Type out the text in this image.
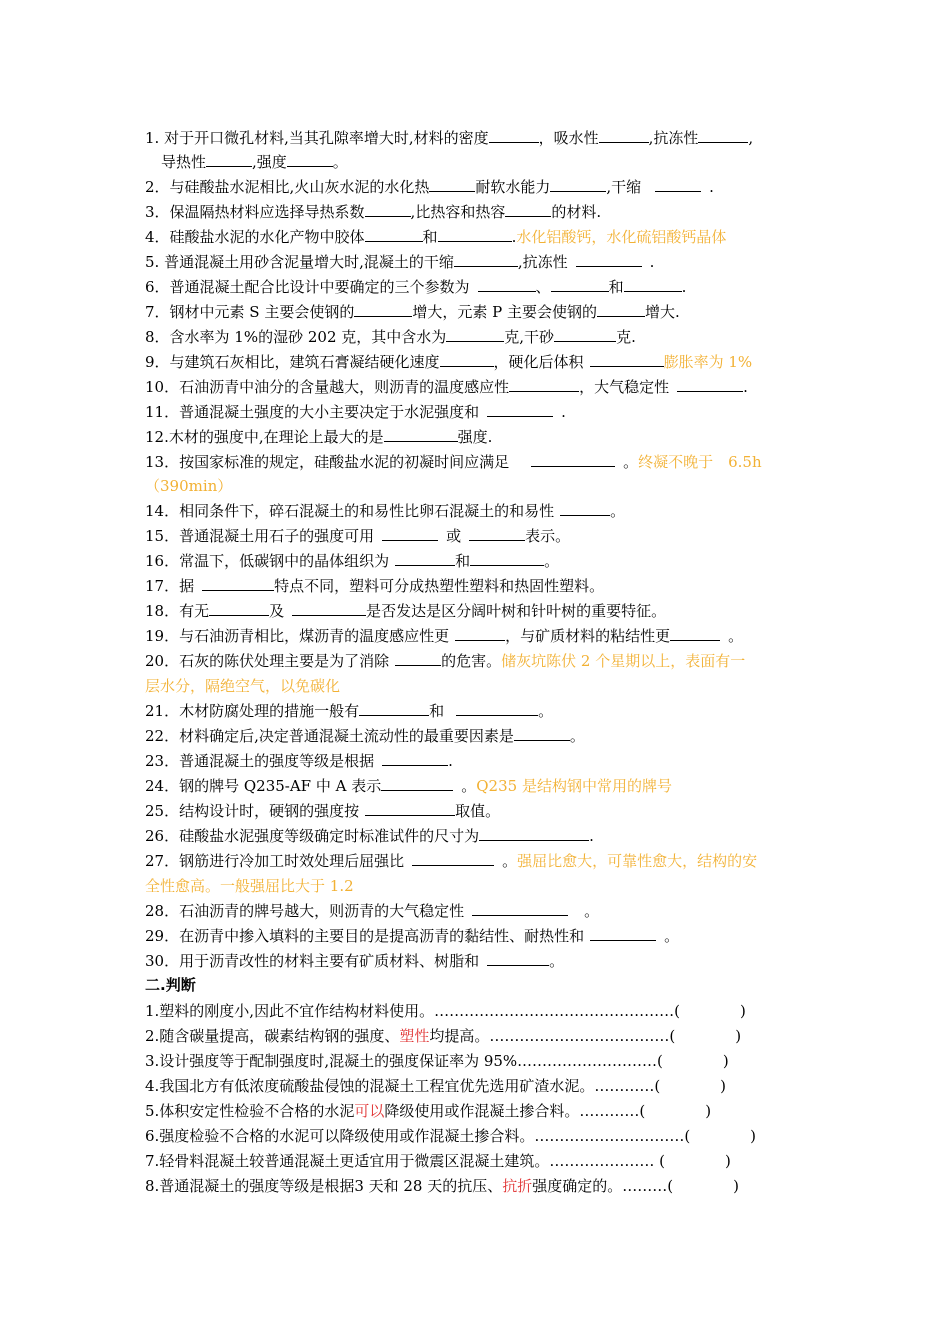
1. 对于开口微孔材料,当其孔隙率增大时,材料的密度	，吸水性	,抗冻性	,
导热性	,强度	。
2．与硅酸盐水泥相比,火山灰水泥的水化热	耐软水能力	,干缩	.
3．保温隔热材料应选择导热系数	,比热容和热容	的材料.
4．硅酸盐水泥的水化产物中胶体	和	.水化铝酸钙，水化硫铝酸钙晶体
5. 普通混凝土用砂含泥量增大时,混凝土的干缩	,抗冻性	.
6．普通混凝土配合比设计中要确定的三个参数为	、	和	.
7．钢材中元素 S 主要会使钢的	增大，元素 P 主要会使钢的	增大.
8．含水率为 1%的湿砂 202 克，其中含水为	克,干砂	克.
9．与建筑石灰相比，建筑石膏凝结硬化速度	，硬化后体积	膨胀率为 1%
10．石油沥青中油分的含量越大，则沥青的温度感应性	，大气稳定性	.
11．普通混凝土强度的大小主要决定于水泥强度和	.
12.木材的强度中,在理论上最大的是	强度.
13．按国家标准的规定，硅酸盐水泥的初凝时间应满足	。终凝不晚于　6.5h
（390min）
14．相同条件下，碎石混凝土的和易性比卵石混凝土的和易性	。
15．普通混凝土用石子的强度可用	或	表示。
16．常温下，低碳钢中的晶体组织为	和	。
17．据	特点不同，塑料可分成热塑性塑料和热固性塑料。
18．有无	及	是否发达是区分阔叶树和针叶树的重要特征。
19．与石油沥青相比，煤沥青的温度感应性更	，与矿质材料的粘结性更	。
20．石灰的陈伏处理主要是为了消除	的危害。储灰坑陈伏 2 个星期以上，表面有一
层水分，隔绝空气，以免碳化
21．木材防腐处理的措施一般有	和	。
22．材料确定后,决定普通混凝土流动性的最重要因素是	。
23．普通混凝土的强度等级是根据	.
24．钢的牌号 Q235-AF 中 A 表示	。Q235 是结构钢中常用的牌号
25．结构设计时，硬钢的强度按	取值。
26．硅酸盐水泥强度等级确定时标准试件的尺寸为	.
27．钢筋进行冷加工时效处理后屈强比	。强屈比愈大，可靠性愈大，结构的安
全性愈高。一般强屈比大于 1.2
28．石油沥青的牌号越大，则沥青的大气稳定性	。
29．在沥青中掺入填料的主要目的是提高沥青的黏结性、耐热性和	。
30．用于沥青改性的材料主要有矿质材料、树脂和	。
二.判断
1.塑料的刚度小,因此不宜作结构材料使用。…………………………………………(　　　　)
2.随含碳量提高，碳素结构钢的强度、塑性均提高。………………………………(　　　　)
3.设计强度等于配制强度时,混凝土的强度保证率为 95%.………………………(　　　　)
4.我国北方有低浓度硫酸盐侵蚀的混凝土工程宜优先选用矿渣水泥。…………(　　　　)
5.体积安定性检验不合格的水泥可以降级使用或作混凝土掺合料。…………(　　　　)
6.强度检验不合格的水泥可以降级使用或作混凝土掺合料。…………………………(　　　　)
7.轻骨料混凝土较普通混凝土更适宜用于微震区混凝土建筑。………………… (　　　　)
8.普通混凝土的强度等级是根据3 天和 28 天的抗压、抗折强度确定的。………(　　　　)
